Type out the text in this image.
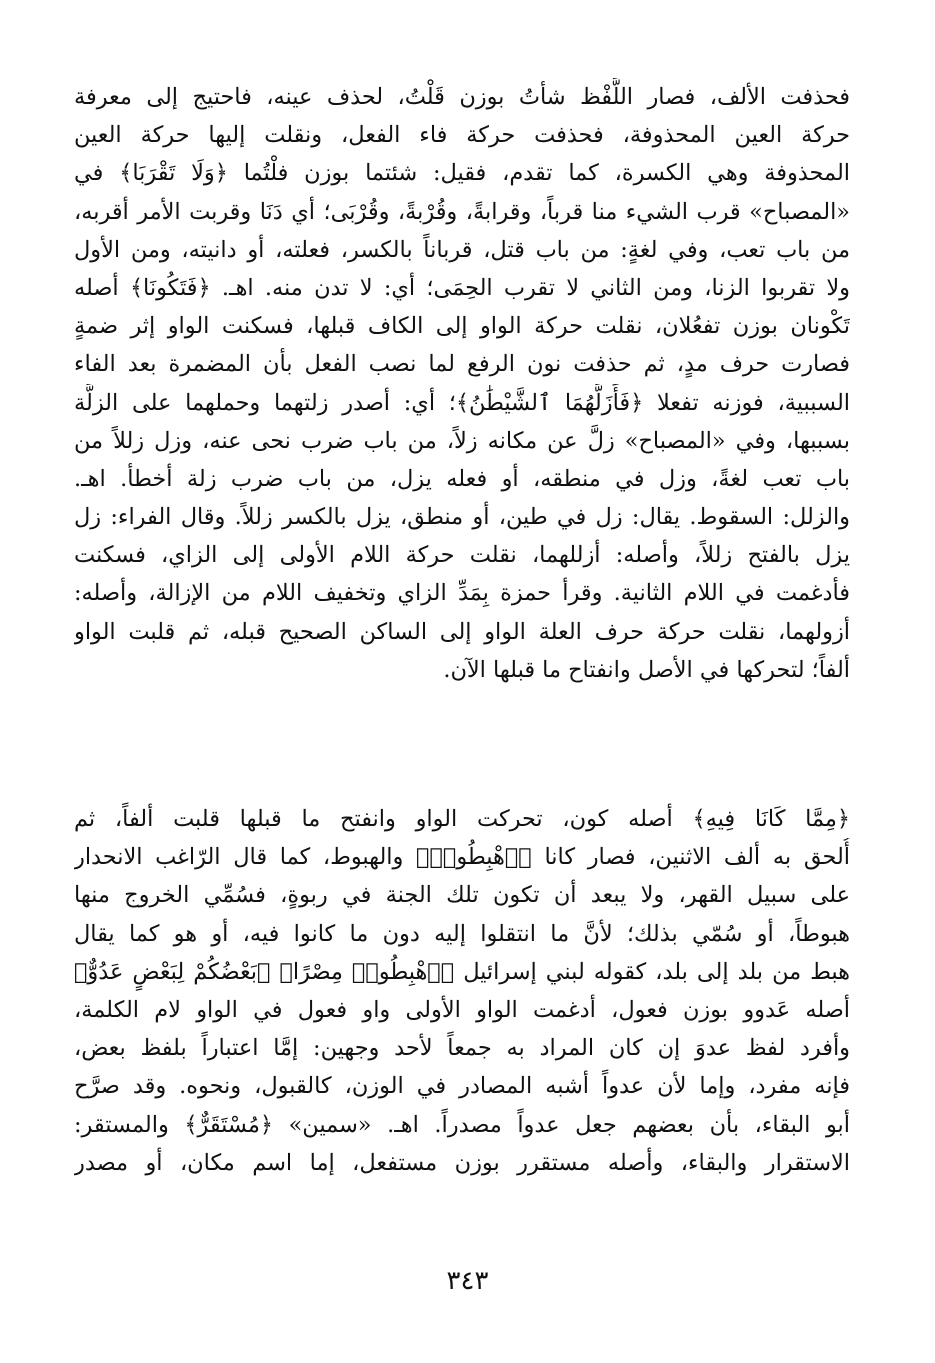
فحذفت الألف، فصار اللَّفْظ شأتُ بوزن قَلْتُ، لحذف عينه، فاحتيج إلى معرفة
حركة العين المحذوفة، فحذفت حركة فاء الفعل، ونقلت إليها حركة العين
المحذوفة وهي الكسرة، كما تقدم، فقيل: شئتما بوزن فلْتُما ﴿وَلَا تَقْرَبَا﴾ في
«المصباح» قرب الشيء منا قرباً، وقرابةً، وقُرْبةً، وقُرْبَى؛ أي دَنَا وقربت الأمر أقربه،
من باب تعب، وفي لغةٍ: من باب قتل، قرباناً بالكسر، فعلته، أو دانيته، ومن الأول
ولا تقربوا الزنا، ومن الثاني لا تقرب الحِمَى؛ أي: لا تدن منه. اهـ. ﴿فَتَكُونَا﴾ أصله
تَكْونان بوزن تفعُلان، نقلت حركة الواو إلى الكاف قبلها، فسكنت الواو إثر ضمةٍ
فصارت حرف مدٍ، ثم حذفت نون الرفع لما نصب الفعل بأن المضمرة بعد الفاء
السببية، فوزنه تفعلا ﴿فَأَزَلَّهُمَا ٱلشَّيْطَٰنُ﴾؛ أي: أصدر زلتهما وحملهما على الزلَّة
بسببها، وفي «المصباح» زلَّ عن مكانه زلاً، من باب ضرب نحى عنه، وزل زللاً من
باب تعب لغةً، وزل في منطقه، أو فعله يزل، من باب ضرب زلة أخطأ. اهـ.
والزلل: السقوط. يقال: زل في طين، أو منطق، يزل بالكسر زللاً. وقال الفراء: زل
يزل بالفتح زللاً، وأصله: أزللهما، نقلت حركة اللام الأولى إلى الزاي، فسكنت
فأدغمت في اللام الثانية. وقرأ حمزة بِمَدِّ الزاي وتخفيف اللام من الإزالة، وأصله:
أزولهما، نقلت حركة حرف العلة الواو إلى الساكن الصحيح قبله، ثم قلبت الواو
ألفاً؛ لتحركها في الأصل وانفتاح ما قبلها الآن.
﴿مِمَّا كَانَا فِيهِ﴾ أصله كون، تحركت الواو وانفتح ما قبلها قلبت ألفاً، ثم
أُلحق به ألف الاثنين، فصار كانا ﴿ٱهْبِطُوا۟﴾ والهبوط، كما قال الرّاغب الانحدار
على سبيل القهر، ولا يبعد أن تكون تلك الجنة في ربوةٍ، فسُمِّي الخروج منها
هبوطاً، أو سُمّي بذلك؛ لأنَّ ما انتقلوا إليه دون ما كانوا فيه، أو هو كما يقال
هبط من بلد إلى بلد، كقوله لبني إسرائيل ﴿ٱهْبِطُوا۟ مِصْرًا﴾ ﴿بَعْضُكُمْ لِبَعْضٍ عَدُوٌّ﴾
أصله عَدوو بوزن فعول، أدغمت الواو الأولى واو فعول في الواو لام الكلمة،
وأفرد لفظ عدوَ إن كان المراد به جمعاً لأحد وجهين: إمَّا اعتباراً بلفظ بعض،
فإنه مفرد، وإما لأن عدواً أشبه المصادر في الوزن، كالقبول، ونحوه. وقد صرَّح
أبو البقاء، بأن بعضهم جعل عدواً مصدراً. اهـ. «سمين» ﴿مُسْتَقَرٌّ﴾ والمستقر:
الاستقرار والبقاء، وأصله مستقرر بوزن مستفعل، إما اسم مكان، أو مصدر
٣٤٣
